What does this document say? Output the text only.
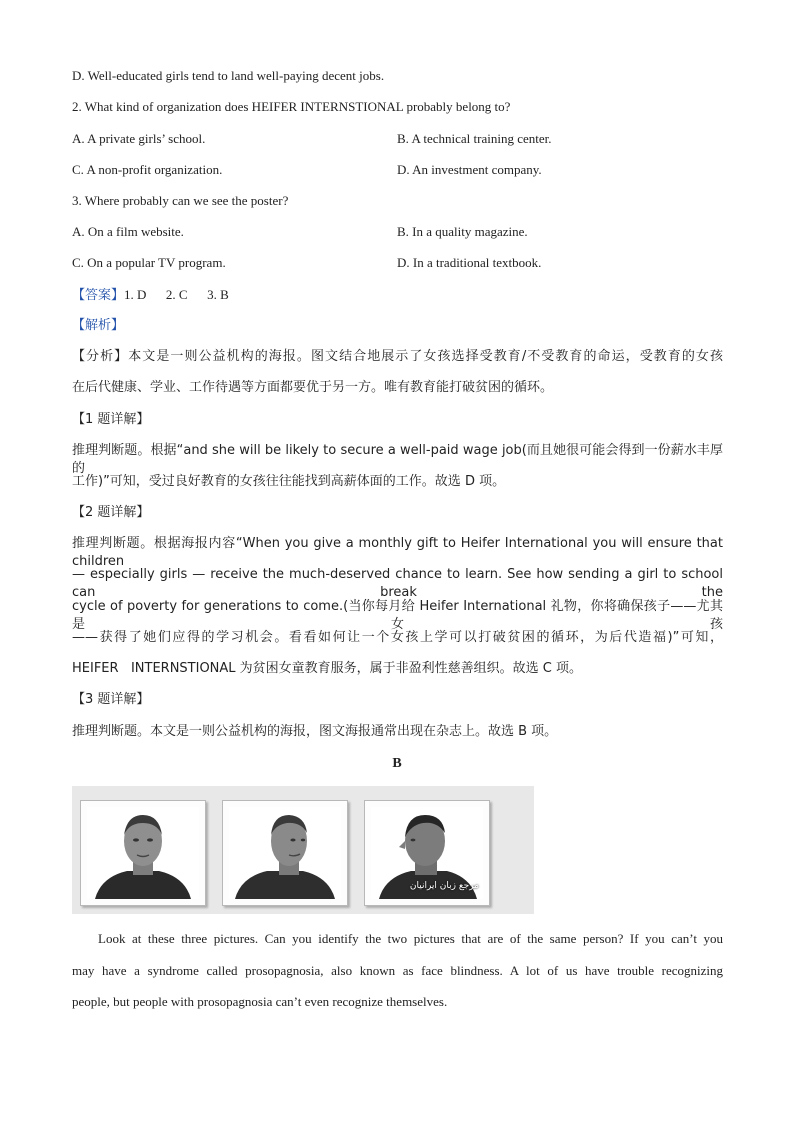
D. Well-educated girls tend to land well-paying decent jobs.
2. What kind of organization does HEIFER INTERNSTIONAL probably belong to?
A. A private girls’ school.	B. A technical training center.
C. A non-profit organization.	D. An investment company.
3. Where probably can we see the poster?
A. On a film website.	B. In a quality magazine.
C. On a popular TV program.	D. In a traditional textbook.
【答案】1. D      2. C      3. B
【解析】
【分析】本文是一则公益机构的海报。图文结合地展示了女孩选择受教育/不受教育的命运，受教育的女孩
在后代健康、学业、工作待遇等方面都要优于另一方。唯有教育能打破贫困的循环。
【1 题详解】
推理判断题。根据“and she will be likely to secure a well-paid wage job(而且她很可能会得到一份薪水丰厚的
工作)”可知，受过良好教育的女孩往往能找到高薪体面的工作。故选 D 项。
【2 题详解】
推理判断题。根据海报内容“When you give a monthly gift to Heifer International you will ensure that children
— especially girls — receive the much-deserved chance to learn. See how sending a girl to school can break the
cycle of poverty for generations to come.(当你每月给 Heifer International 礼物，你将确保孩子——尤其是女孩
——获得了她们应得的学习机会。看看如何让一个女孩上学可以打破贫困的循环，为后代造福)”可知，
HEIFER   INTERNSTIONAL 为贫困女童教育服务，属于非盈利性慈善组织。故选 C 项。
【3 题详解】
推理判断题。本文是一则公益机构的海报，图文海报通常出现在杂志上。故选 B 项。
B
مرجع زبان ایرانیان
Look at these three pictures. Can you identify the two pictures that are of the same person? If you can’t you
may have a syndrome called prosopagnosia, also known as face blindness. A lot of us have trouble recognizing
people, but people with prosopagnosia can’t even recognize themselves.
